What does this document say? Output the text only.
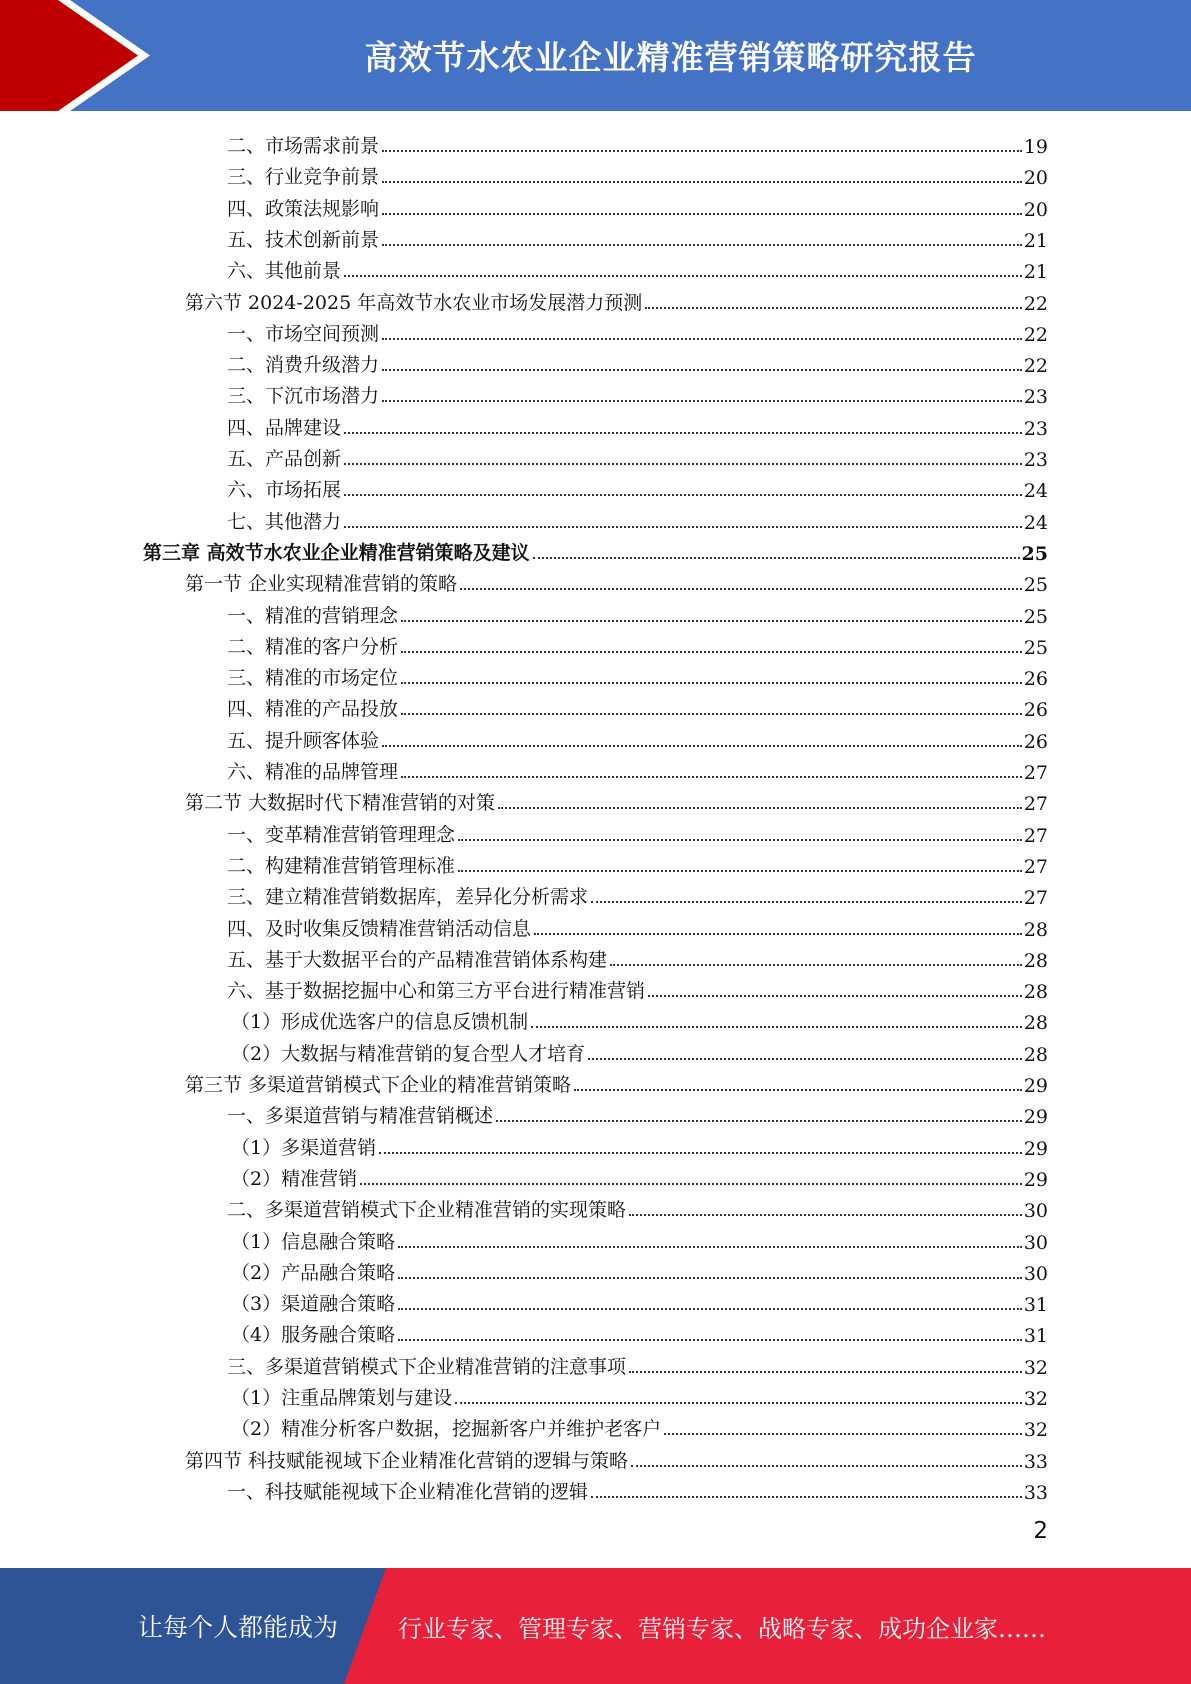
高效节水农业企业精准营销策略研究报告
二、市场需求前景	19
三、行业竞争前景	20
四、政策法规影响	20
五、技术创新前景	21
六、其他前景	21
第六节 2024-2025 年高效节水农业市场发展潜力预测	22
一、市场空间预测	22
二、消费升级潜力	22
三、下沉市场潜力	23
四、品牌建设	23
五、产品创新	23
六、市场拓展	24
七、其他潜力	24
第三章 高效节水农业企业精准营销策略及建议	25
第一节 企业实现精准营销的策略	25
一、精准的营销理念	25
二、精准的客户分析	25
三、精准的市场定位	26
四、精准的产品投放	26
五、提升顾客体验	26
六、精准的品牌管理	27
第二节 大数据时代下精准营销的对策	27
一、变革精准营销管理理念	27
二、构建精准营销管理标准	27
三、建立精准营销数据库，差异化分析需求	27
四、及时收集反馈精准营销活动信息	28
五、基于大数据平台的产品精准营销体系构建	28
六、基于数据挖掘中心和第三方平台进行精准营销	28
（1）形成优选客户的信息反馈机制	28
（2）大数据与精准营销的复合型人才培育	28
第三节 多渠道营销模式下企业的精准营销策略	29
一、多渠道营销与精准营销概述	29
（1）多渠道营销	29
（2）精准营销	29
二、多渠道营销模式下企业精准营销的实现策略	30
（1）信息融合策略	30
（2）产品融合策略	30
（3）渠道融合策略	31
（4）服务融合策略	31
三、多渠道营销模式下企业精准营销的注意事项	32
（1）注重品牌策划与建设	32
（2）精准分析客户数据，挖掘新客户并维护老客户	32
第四节 科技赋能视域下企业精准化营销的逻辑与策略	33
一、科技赋能视域下企业精准化营销的逻辑	33
2
让每个人都能成为 行业专家、管理专家、营销专家、战略专家、成功企业家……
